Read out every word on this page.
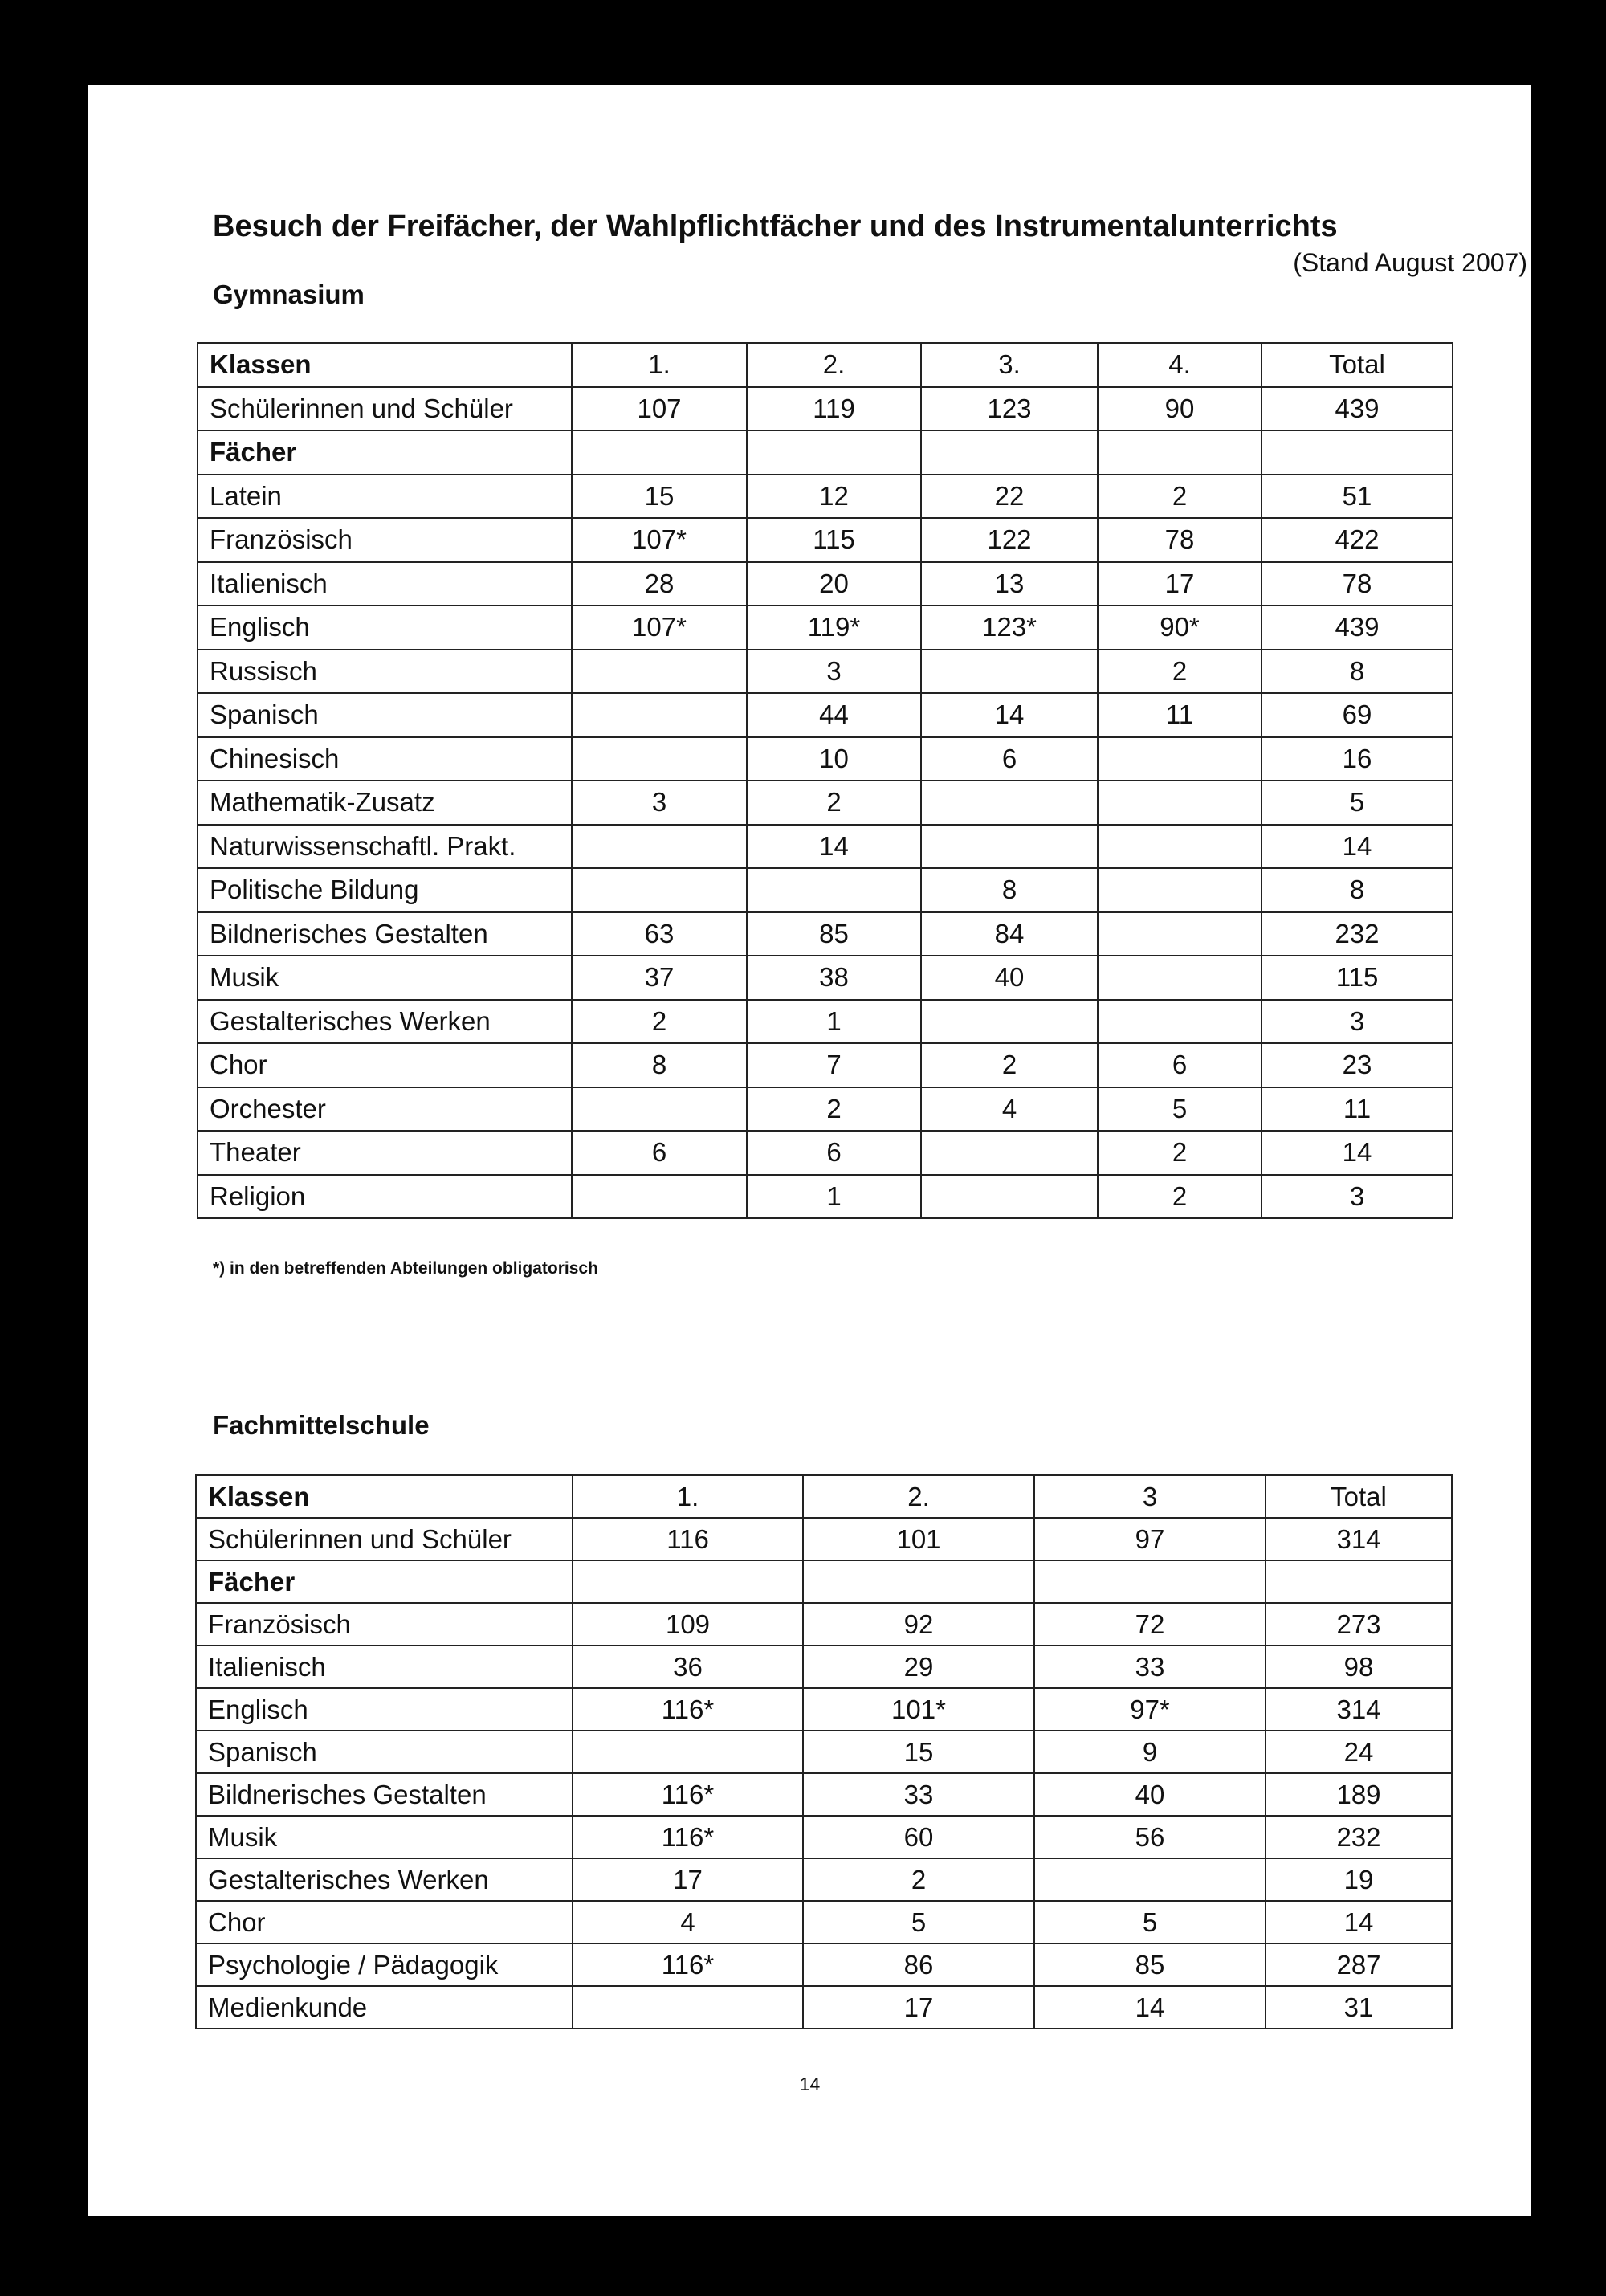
Besuch der Freifächer, der Wahlpflichtfächer und des Instrumentalunterrichts
(Stand August 2007)
Gymnasium
Klassen	1.	2.	3.	4.	Total
Schülerinnen und Schüler	107	119	123	90	439
Fächer					
Latein	15	12	22	2	51
Französisch	107*	115	122	78	422
Italienisch	28	20	13	17	78
Englisch	107*	119*	123*	90*	439
Russisch		3		2	8
Spanisch		44	14	11	69
Chinesisch		10	6		16
Mathematik-Zusatz	3	2			5
Naturwissenschaftl. Prakt.		14			14
Politische Bildung			8		8
Bildnerisches Gestalten	63	85	84		232
Musik	37	38	40		115
Gestalterisches Werken	2	1			3
Chor	8	7	2	6	23
Orchester		2	4	5	11
Theater	6	6		2	14
Religion		1		2	3
*) in den betreffenden Abteilungen obligatorisch
Fachmittelschule
Klassen	1.	2.	3	Total
Schülerinnen und Schüler	116	101	97	314
Fächer				
Französisch	109	92	72	273
Italienisch	36	29	33	98
Englisch	116*	101*	97*	314
Spanisch		15	9	24
Bildnerisches Gestalten	116*	33	40	189
Musik	116*	60	56	232
Gestalterisches Werken	17	2		19
Chor	4	5	5	14
Psychologie / Pädagogik	116*	86	85	287
Medienkunde		17	14	31
14
